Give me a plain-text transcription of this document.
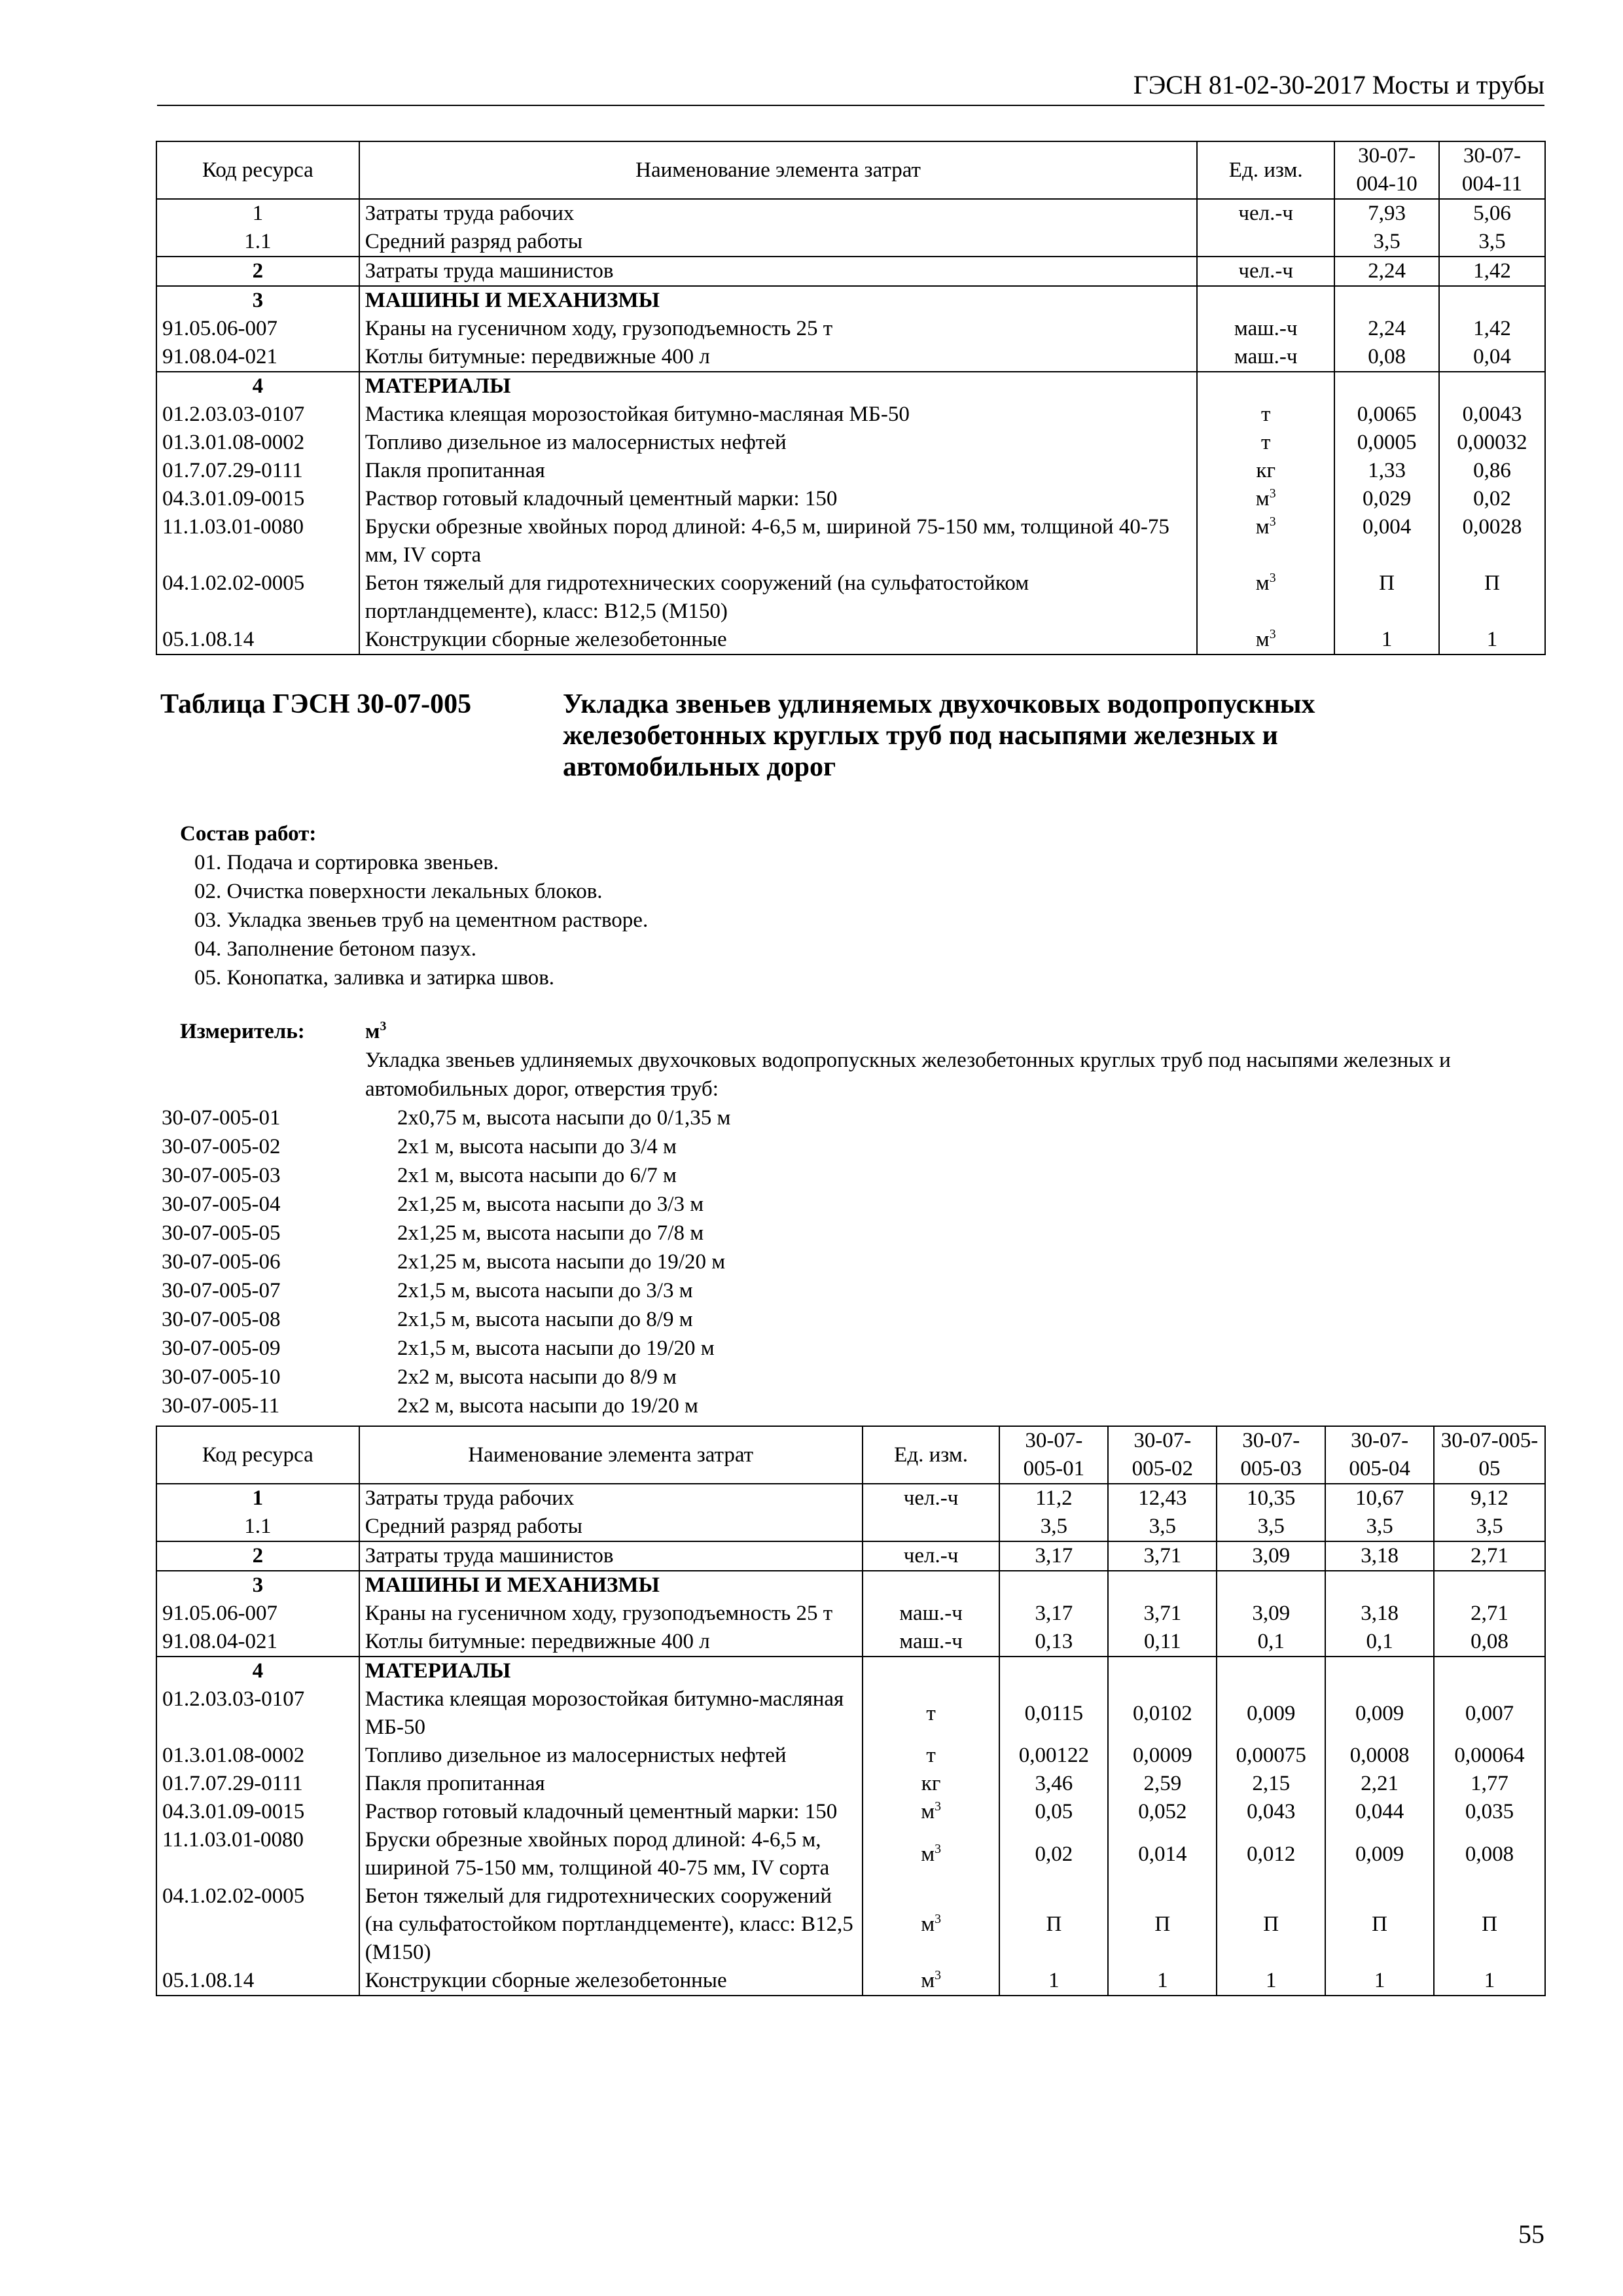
ГЭСН 81-02-30-2017 Мосты и трубы
Код ресурса	Наименование элемента затрат	Ед. изм.	30-07-004-10	30-07-004-11
1	Затраты труда рабочих	чел.-ч	7,93	5,06
1.1	Средний разряд работы		3,5	3,5
2	Затраты труда машинистов	чел.-ч	2,24	1,42
3	МАШИНЫ И МЕХАНИЗМЫ			
91.05.06-007	Краны на гусеничном ходу, грузоподъемность 25 т	маш.-ч	2,24	1,42
91.08.04-021	Котлы битумные: передвижные 400 л	маш.-ч	0,08	0,04
4	МАТЕРИАЛЫ			
01.2.03.03-0107	Мастика клеящая морозостойкая битумно-масляная МБ-50	т	0,0065	0,0043
01.3.01.08-0002	Топливо дизельное из малосернистых нефтей	т	0,0005	0,00032
01.7.07.29-0111	Пакля пропитанная	кг	1,33	0,86
04.3.01.09-0015	Раствор готовый кладочный цементный марки: 150	$м^3$	0,029	0,02
11.1.03.01-0080	Бруски обрезные хвойных пород длиной: 4-6,5 м, шириной 75-150 мм, толщиной 40-75 мм, IV сорта	$м^3$	0,004	0,0028
04.1.02.02-0005	Бетон тяжелый для гидротехнических сооружений (на сульфатостойком портландцементе), класс: В12,5 (М150)	$м^3$	П	П
05.1.08.14	Конструкции сборные железобетонные	$м^3$	1	1
Таблица ГЭСН 30-07-005	Укладка звеньев удлиняемых двухочковых водопропускных железобетонных круглых труб под насыпями железных и автомобильных дорог
Состав работ:
01. Подача и сортировка звеньев.
02. Очистка поверхности лекальных блоков.
03. Укладка звеньев труб на цементном растворе.
04. Заполнение бетоном пазух.
05. Конопатка, заливка и затирка швов.
Измеритель:	$м^3$
Укладка звеньев удлиняемых двухочковых водопропускных железобетонных круглых труб под насыпями железных и автомобильных дорог, отверстия труб:
30-07-005-01	2х0,75 м, высота насыпи до 0/1,35 м
30-07-005-02	2х1 м, высота насыпи до 3/4 м
30-07-005-03	2х1 м, высота насыпи до 6/7 м
30-07-005-04	2х1,25 м, высота насыпи до 3/3 м
30-07-005-05	2х1,25 м, высота насыпи до 7/8 м
30-07-005-06	2х1,25 м, высота насыпи до 19/20 м
30-07-005-07	2х1,5 м, высота насыпи до 3/3 м
30-07-005-08	2х1,5 м, высота насыпи до 8/9 м
30-07-005-09	2х1,5 м, высота насыпи до 19/20 м
30-07-005-10	2х2 м, высота насыпи до 8/9 м
30-07-005-11	2х2 м, высота насыпи до 19/20 м
Код ресурса	Наименование элемента затрат	Ед. изм.	30-07-005-01	30-07-005-02	30-07-005-03	30-07-005-04	30-07-005-05
1	Затраты труда рабочих	чел.-ч	11,2	12,43	10,35	10,67	9,12
1.1	Средний разряд работы		3,5	3,5	3,5	3,5	3,5
2	Затраты труда машинистов	чел.-ч	3,17	3,71	3,09	3,18	2,71
3	МАШИНЫ И МЕХАНИЗМЫ						
91.05.06-007	Краны на гусеничном ходу, грузоподъемность 25 т	маш.-ч	3,17	3,71	3,09	3,18	2,71
91.08.04-021	Котлы битумные: передвижные 400 л	маш.-ч	0,13	0,11	0,1	0,1	0,08
4	МАТЕРИАЛЫ						
01.2.03.03-0107	Мастика клеящая морозостойкая битумно-масляная МБ-50	т	0,0115	0,0102	0,009	0,009	0,007
01.3.01.08-0002	Топливо дизельное из малосернистых нефтей	т	0,00122	0,0009	0,00075	0,0008	0,00064
01.7.07.29-0111	Пакля пропитанная	кг	3,46	2,59	2,15	2,21	1,77
04.3.01.09-0015	Раствор готовый кладочный цементный марки: 150	$м^3$	0,05	0,052	0,043	0,044	0,035
11.1.03.01-0080	Бруски обрезные хвойных пород длиной: 4-6,5 м, шириной 75-150 мм, толщиной 40-75 мм, IV сорта	$м^3$	0,02	0,014	0,012	0,009	0,008
04.1.02.02-0005	Бетон тяжелый для гидротехнических сооружений (на сульфатостойком портландцементе), класс: В12,5 (М150)	$м^3$	П	П	П	П	П
05.1.08.14	Конструкции сборные железобетонные	$м^3$	1	1	1	1	1
55
